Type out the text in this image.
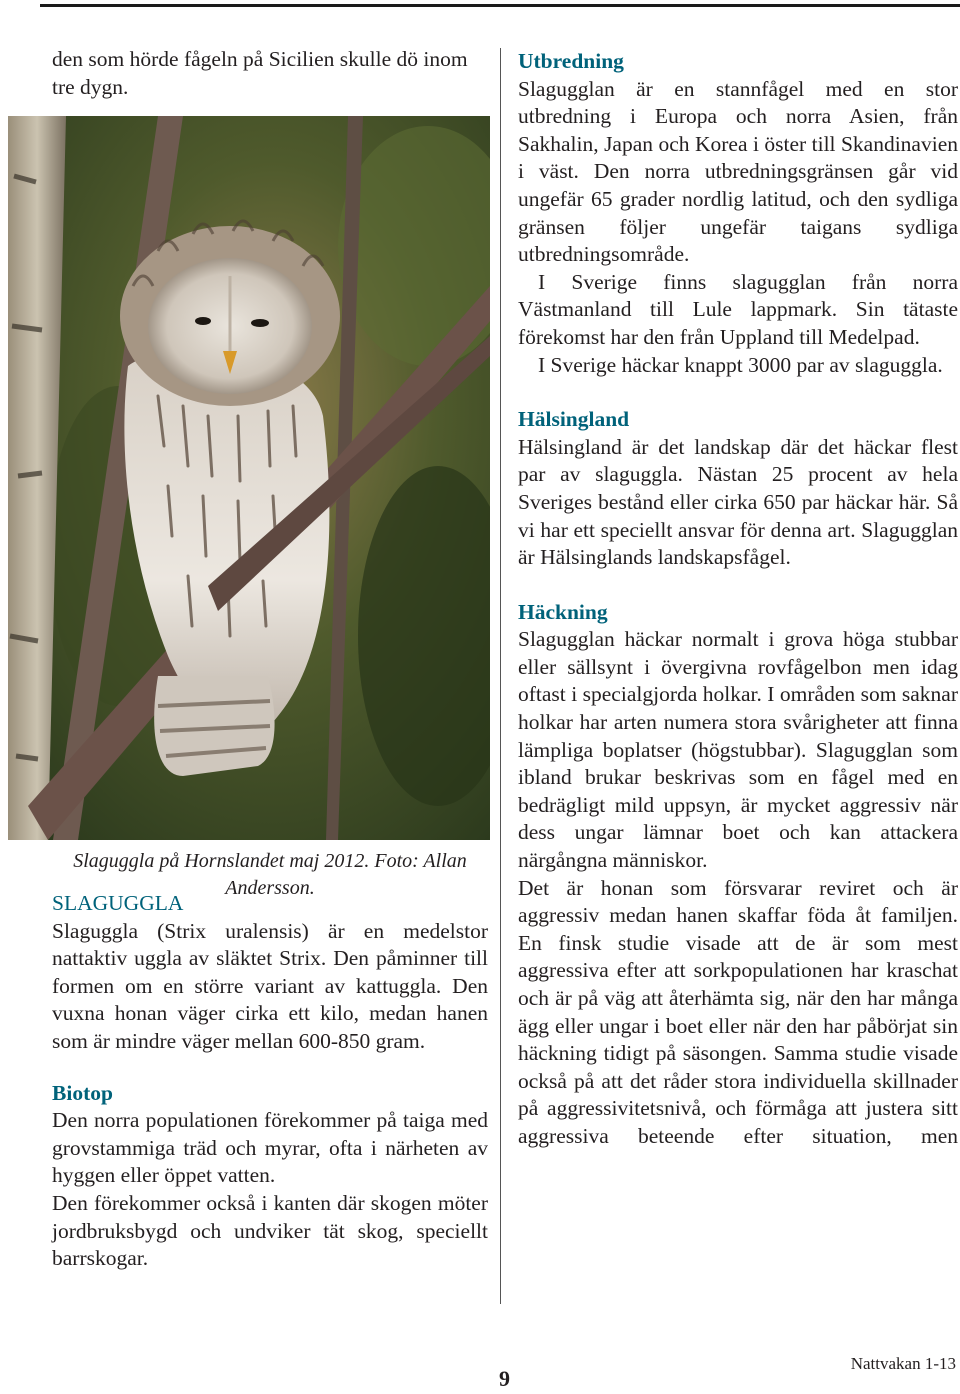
den som hörde fågeln på Sicilien skulle dö inom tre dygn.

Slaguggla på Hornslandet maj 2012. Foto: Allan Andersson.

SLAGUGGLA

Slaguggla (Strix uralensis) är en medelstor nattaktiv uggla av släktet Strix. Den påminner till formen om en större variant av kattuggla. Den vuxna honan väger cirka ett kilo, medan hanen som är mindre väger mellan 600-850 gram.

Biotop

Den norra populationen förekommer på taiga med grovstammiga träd och myrar, ofta i närheten av hyggen eller öppet vatten.

Den förekommer också i kanten där skogen möter jordbruksbygd och undviker tät skog, speciellt barrskogar.

Utbredning

Slagugglan är en stannfågel med en stor utbredning i Europa och norra Asien, från Sakhalin, Japan och Korea i öster till Skandinavien i väst. Den norra utbredningsgränsen går vid ungefär 65 grader nordlig latitud, och den sydliga gränsen följer ungefär taigans sydliga utbredningsområde.

I Sverige finns slagugglan från norra Västmanland till Lule lappmark. Sin tätaste förekomst har den från Uppland till Medelpad.

I Sverige häckar knappt 3000 par av slaguggla.

Hälsingland

Hälsingland är det landskap där det häckar flest par av slaguggla. Nästan 25 procent av hela Sveriges bestånd eller cirka 650 par häckar här. Så vi har ett speciellt ansvar för denna art. Slagugglan är Hälsinglands landskapsfågel.

Häckning

Slagugglan häckar normalt i grova höga stubbar eller sällsynt i övergivna rovfågelbon men idag oftast i specialgjorda holkar. I områden som saknar holkar har arten numera stora svårigheter att finna lämpliga boplatser (högstubbar). Slagugglan som ibland brukar beskrivas som en fågel med en bedrägligt mild uppsyn, är mycket aggressiv när dess ungar lämnar boet och kan attackera närgångna människor.

Det är honan som försvarar reviret och är aggressiv medan hanen skaffar föda åt familjen. En finsk studie visade att de är som mest aggressiva efter att sorkpopulationen har kraschat och är på väg att återhämta sig, när den har många ägg eller ungar i boet eller när den har påbörjat sin häckning tidigt på säsongen. Samma studie visade också på att det råder stora individuella skillnader på aggressivitetsnivå, och förmåga att justera sitt aggressiva beteende efter situation, men

9
Nattvakan 1-13
